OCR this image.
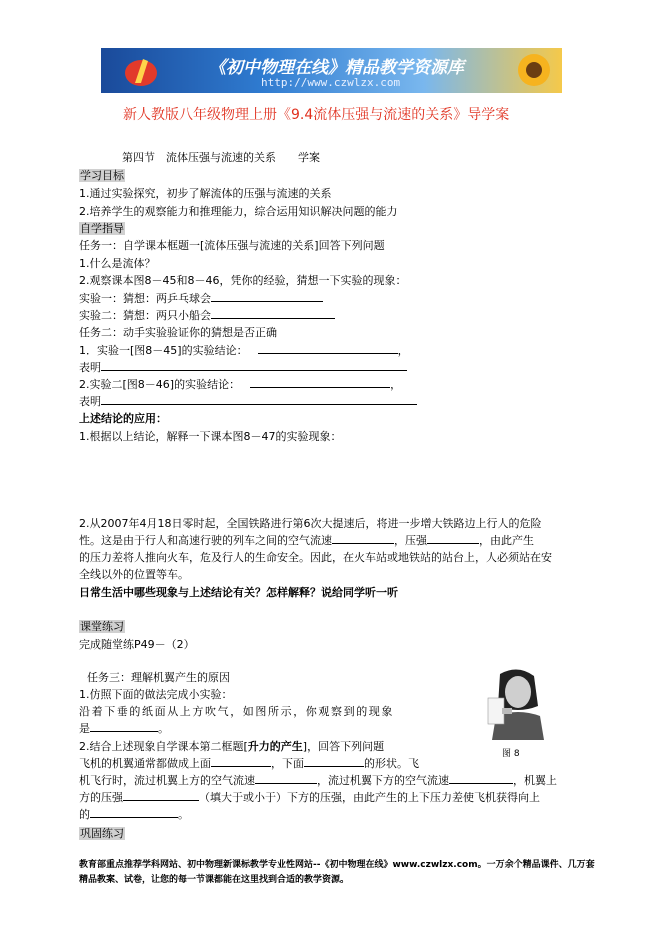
《初中物理在线》精品教学资源库
http://www.czwlzx.com
新人教版八年级物理上册《9.4流体压强与流速的关系》导学案
第四节　流体压强与流速的关系　　学案
学习目标
1.通过实验探究，初步了解流体的压强与流速的关系
2.培养学生的观察能力和推理能力，综合运用知识解决问题的能力
自学指导
任务一：自学课本框题一[流体压强与流速的关系]回答下列问题
1.什么是流体？
2.观察课本图8－45和8－46，凭你的经验，猜想一下实验的现象：
实验一：猜想：两乒乓球会
实验二：猜想：两只小船会
任务二：动手实验验证你的猜想是否正确
1．实验一[图8－45]的实验结论：	，
表明
2.实验二[图8－46]的实验结论：	，
表明
上述结论的应用：
1.根据以上结论，解释一下课本图8－47的实验现象：
2.从2007年4月18日零时起，全国铁路进行第6次大提速后，将进一步增大铁路边上行人的危险
性。这是由于行人和高速行驶的列车之间的空气流速	，压强	，由此产生
的压力差将人推向火车，危及行人的生命安全。因此，在火车站或地铁站的站台上，人必须站在安
全线以外的位置等车。
日常生活中哪些现象与上述结论有关？怎样解释？说给同学听一听
课堂练习
完成随堂练P49－（2）
任务三：理解机翼产生的原因
1.仿照下面的做法完成小实验：
沿着下垂的纸面从上方吹气，如图所示，你观察到的现象
是	。
2.结合上述现象自学课本第二框题[升力的产生]，回答下列问题
飞机的机翼通常都做成上面	，下面	的形状。飞
机飞行时，流过机翼上方的空气流速	，流过机翼下方的空气流速	，机翼上
方的压强	（填大于或小于）下方的压强，由此产生的上下压力差使飞机获得向上
的	。
图 8
巩固练习
教育部重点推荐学科网站、初中物理新课标教学专业性网站--《初中物理在线》www.czwlzx.com。一万余个精品课件、几万套精品教案、试卷，让您的每一节课都能在这里找到合适的教学资源。
